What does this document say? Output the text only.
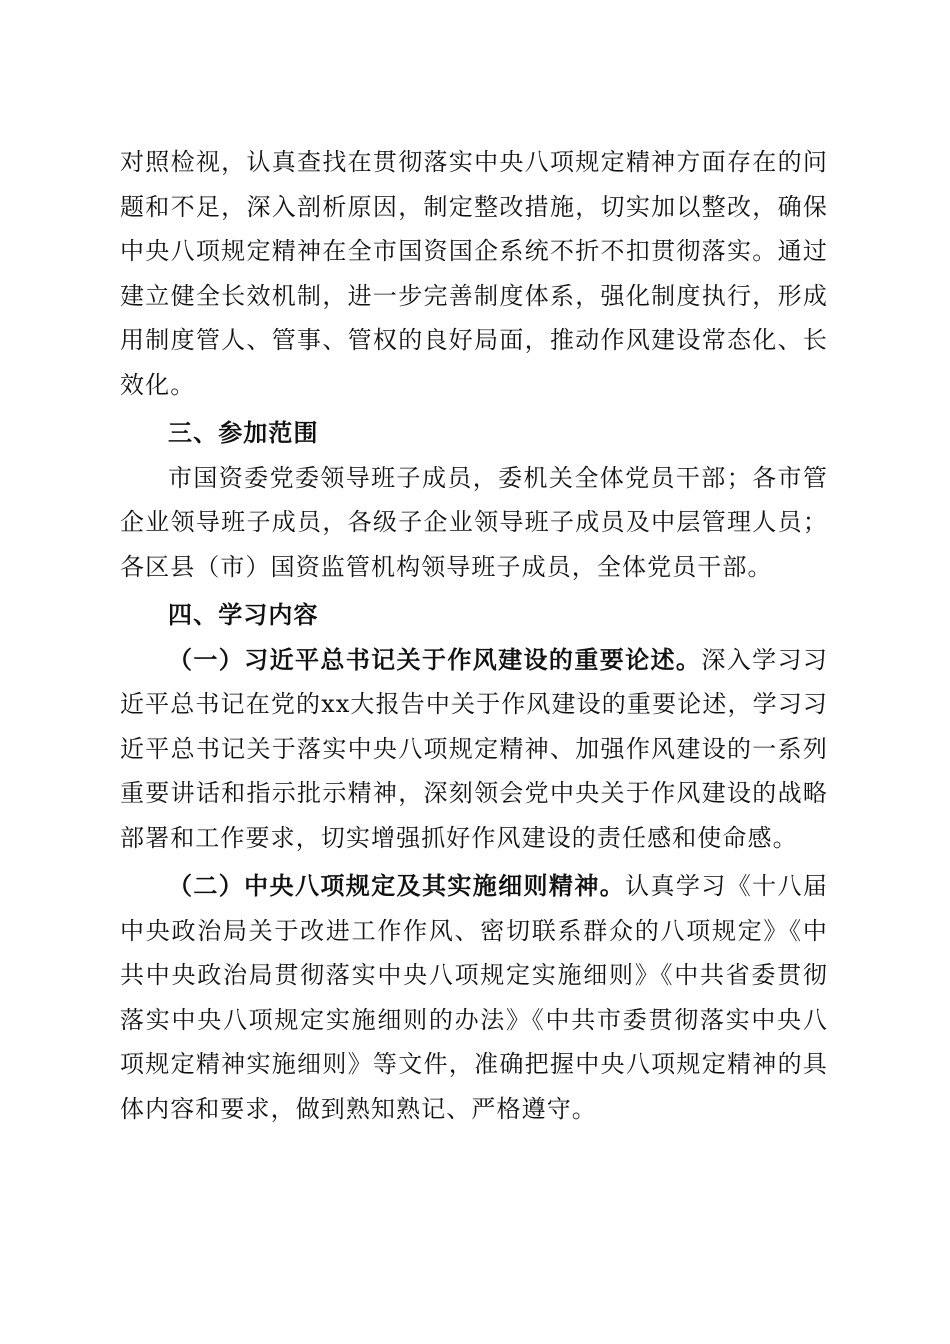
对照检视，认真查找在贯彻落实中央八项规定精神方面存在的问题和不足，深入剖析原因，制定整改措施，切实加以整改，确保中央八项规定精神在全市国资国企系统不折不扣贯彻落实。通过建立健全长效机制，进一步完善制度体系，强化制度执行，形成用制度管人、管事、管权的良好局面，推动作风建设常态化、长效化。

三、参加范围

市国资委党委领导班子成员，委机关全体党员干部；各市管企业领导班子成员，各级子企业领导班子成员及中层管理人员；各区县（市）国资监管机构领导班子成员，全体党员干部。

四、学习内容

（一）习近平总书记关于作风建设的重要论述。深入学习习近平总书记在党的xx大报告中关于作风建设的重要论述，学习习近平总书记关于落实中央八项规定精神、加强作风建设的一系列重要讲话和指示批示精神，深刻领会党中央关于作风建设的战略部署和工作要求，切实增强抓好作风建设的责任感和使命感。

（二）中央八项规定及其实施细则精神。认真学习《十八届中央政治局关于改进工作作风、密切联系群众的八项规定》《中共中央政治局贯彻落实中央八项规定实施细则》《中共省委贯彻落实中央八项规定实施细则的办法》《中共市委贯彻落实中央八项规定精神实施细则》等文件，准确把握中央八项规定精神的具体内容和要求，做到熟知熟记、严格遵守。
